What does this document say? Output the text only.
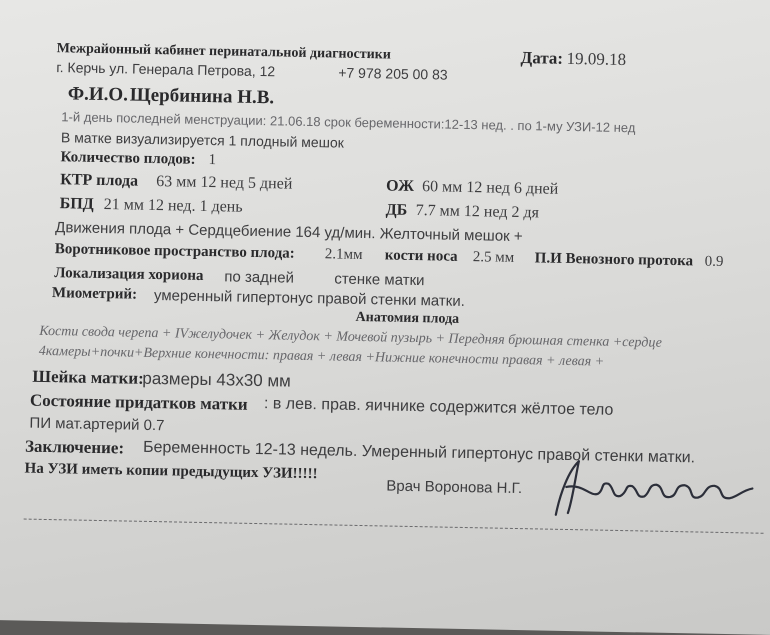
Межрайонный кабинет перинатальной диагностики
г. Керчь ул. Генерала Петрова, 12	+7 978 205 00 83
Дата: 19.09.18
Ф.И.О. Щербинина Н.В.
1-й день последней менструации: 21.06.18 срок беременности:12-13 нед. . по 1-му УЗИ-12 нед
В матке визуализируется 1 плодный мешок
Количество плодов: 1
КТР плода 63 мм 12 нед 5 дней	ОЖ 60 мм 12 нед 6 дней
БПД 21 мм 12 нед. 1 день	ДБ 7.7 мм 12 нед 2 дя
Движения плода + Сердцебиение 164 уд/мин. Желточный мешок +
Воротниковое пространство плода: 2.1мм кости носа 2.5 мм П.И Венозного протока 0.9
Локализация хориона по задней	стенке матки
Миометрий: умеренный гипертонус правой стенки матки.
Анатомия плода
Кости свода черепа + IVжелудочек + Желудок + Мочевой пузырь + Передняя брюшная стенка +сердце
4камеры+почки+Верхние конечности: правая + левая +Нижние конечности правая + левая +
Шейка матки:
размеры 43х30 мм
Состояние придатков матки : в лев. прав. яичнике содержится жёлтое тело
ПИ мат.артерий 0.7
Заключение: Беременность 12-13 недель. Умеренный гипертонус правой стенки матки.
На УЗИ иметь копии предыдущих УЗИ!!!!!
Врач Воронова Н.Г.
